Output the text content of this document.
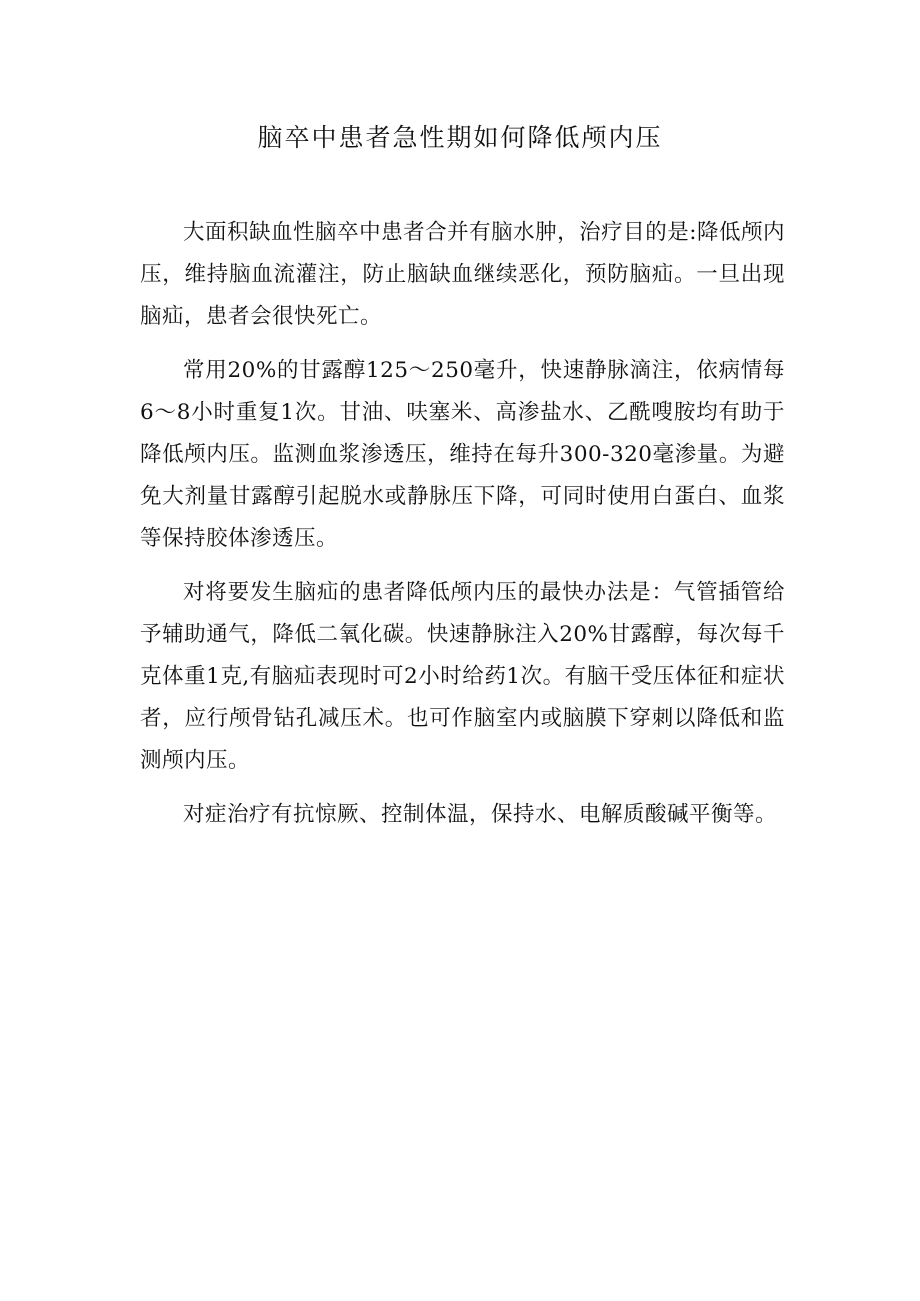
脑卒中患者急性期如何降低颅内压

大面积缺血性脑卒中患者合并有脑水肿，治疗目的是:降低颅内压，维持脑血流灌注，防止脑缺血继续恶化，预防脑疝。一旦出现脑疝，患者会很快死亡。

常用20%的甘露醇125～250毫升，快速静脉滴注，依病情每6～8小时重复1次。甘油、呋塞米、高渗盐水、乙酰嗖胺均有助于降低颅内压。监测血浆渗透压，维持在每升300-320毫渗量。为避免大剂量甘露醇引起脱水或静脉压下降，可同时使用白蛋白、血浆等保持胶体渗透压。

对将要发生脑疝的患者降低颅内压的最快办法是：气管插管给予辅助通气，降低二氧化碳。快速静脉注入20%甘露醇，每次每千克体重1克,有脑疝表现时可2小时给药1次。有脑干受压体征和症状者，应行颅骨钻孔减压术。也可作脑室内或脑膜下穿刺以降低和监测颅内压。

对症治疗有抗惊厥、控制体温，保持水、电解质酸碱平衡等。
